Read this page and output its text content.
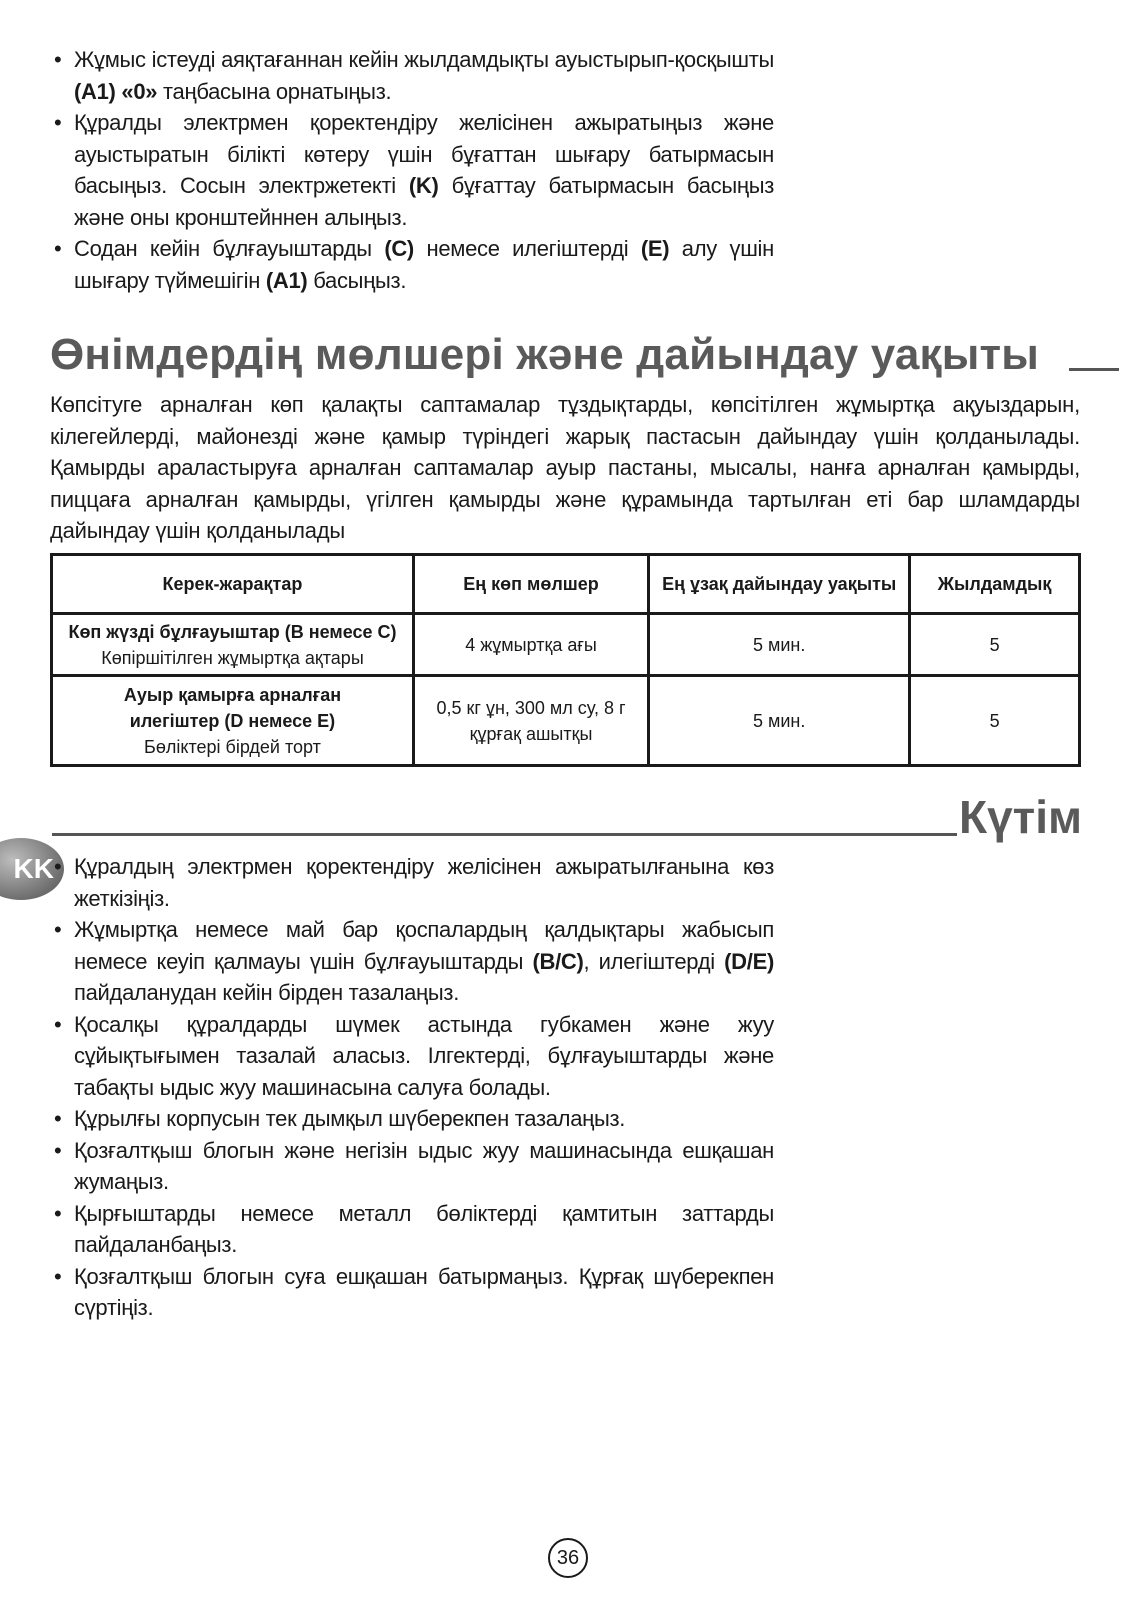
• Жұмыс істеуді аяқтағаннан кейін жылдамдықты ауыстырып-қосқышты (A1) «0» таңбасына орнатыңыз.
• Құралды электрмен қоректендіру желісінен ажыратыңыз және ауыстыратын білікті көтеру үшін бұғаттан шығару батырмасын басыңыз. Сосын электржетекті (K) бұғаттау батырмасын басыңыз және оны кронштейннен алыңыз.
• Содан кейін бұлғауыштарды (C) немесе илегіштерді (E) алу үшін шығару түймешігін (A1) басыңыз.
Өнімдердің мөлшері және дайындау уақыты
Көпсітуге арналған көп қалақты саптамалар тұздықтарды, көпсітілген жұмыртқа ақуыздарын, кілегейлерді, майонезді және қамыр түріндегі жарық пастасын дайындау үшін қолданылады. Қамырды араластыруға арналған саптамалар ауыр пастаны, мысалы, нанға арналған қамырды, пиццаға арналған қамырды, үгілген қамырды және құрамында тартылған еті бар шламдарды дайындау үшін қолданылады
Керек-жарақтар	Ең көп мөлшер	Ең ұзақ дайындау уақыты	Жылдамдық

Көп жүзді бұлғауыштар (B немесе C)
Көпіршітілген жұмыртқа ақтары	4 жұмыртқа ағы	5 мин.	5

Ауыр қамырға арналған илегіштер (D немесе E)
Бөліктері бірдей торт	0,5 кг ұн, 300 мл су, 8 г құрғақ ашытқы	5 мин.	5
Күтім
KK • Құралдың электрмен қоректендіру желісінен ажыратылғанына көз жеткізіңіз.
• Жұмыртқа немесе май бар қоспалардың қалдықтары жабысып немесе кеуіп қалмауы үшін бұлғауыштарды (B/C), илегіштерді (D/E) пайдаланудан кейін бірден тазалаңыз.
• Қосалқы құралдарды шүмек астында губкамен және жуу сұйықтығымен тазалай аласыз. Ілгектерді, бұлғауыштарды және табақты ыдыс жуу машинасына салуға болады.
• Құрылғы корпусын тек дымқыл шүберекпен тазалаңыз.
• Қозғалтқыш блогын және негізін ыдыс жуу машинасында ешқашан жумаңыз.
• Қырғыштарды немесе металл бөліктерді қамтитын заттарды пайдаланбаңыз.
• Қозғалтқыш блогын суға ешқашан батырмаңыз. Құрғақ шүберекпен сүртіңіз.
36
